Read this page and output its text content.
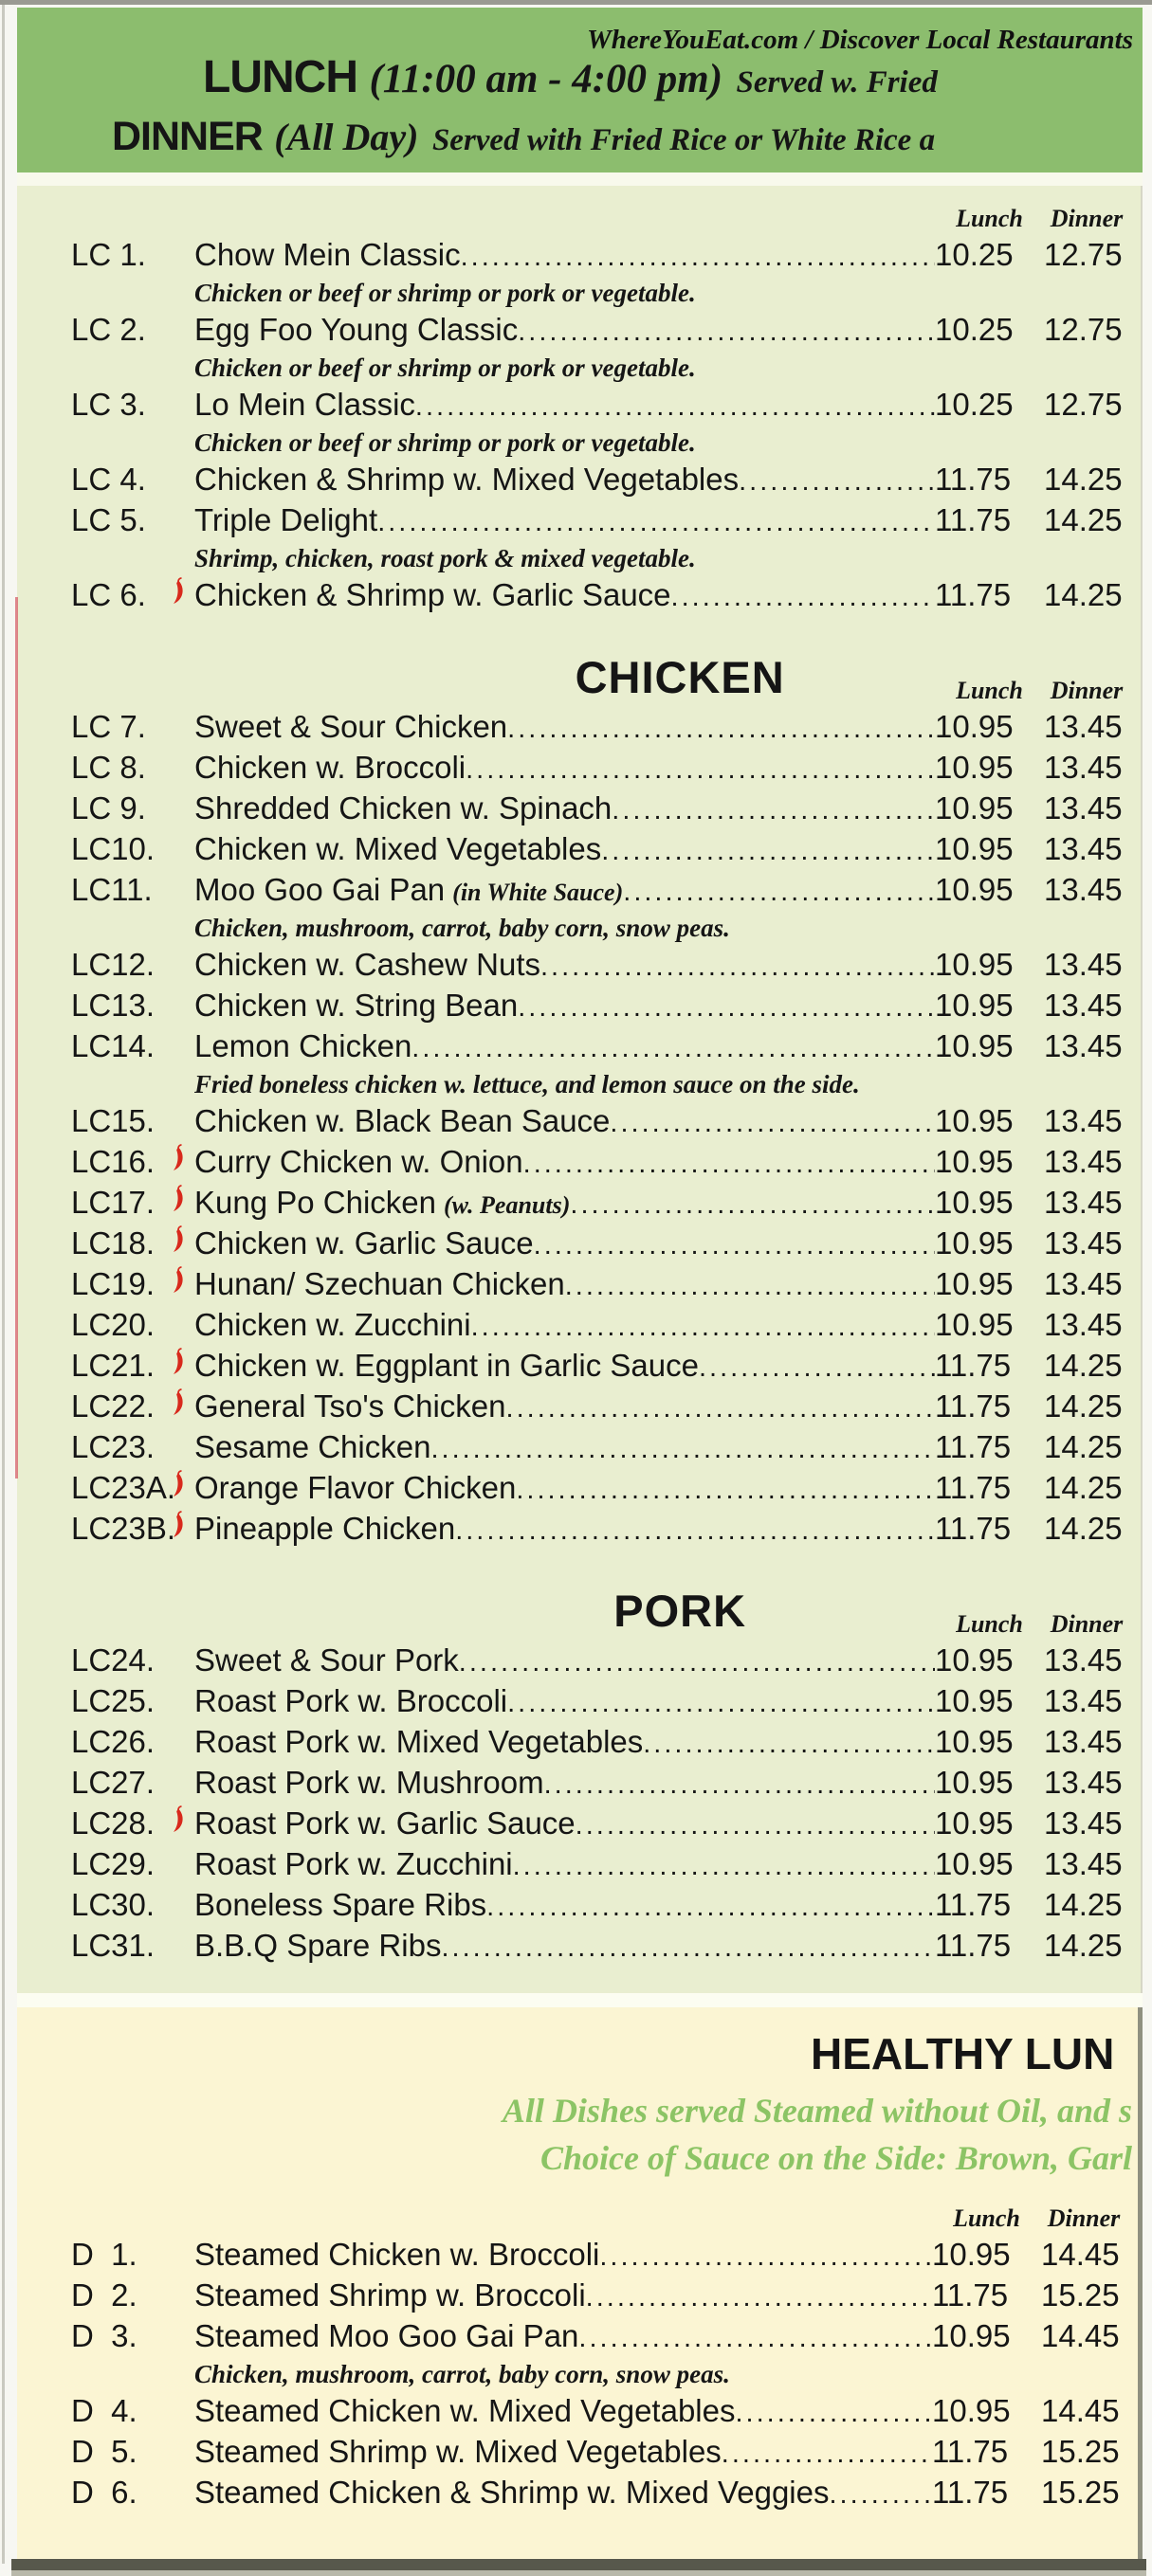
WhereYouEat.com / Discover Local Restaurants
LUNCH (11:00 am - 4:00 pm) Served w. Fried
DINNER (All Day) Served with Fried Rice or White Rice a
Lunch	Dinner
LC 1.	Chow Mein Classic .....	10.25 12.75
Chicken or beef or shrimp or pork or vegetable.
LC 2.	Egg Foo Young Classic .....	10.25 12.75
Chicken or beef or shrimp or pork or vegetable.
LC 3.	Lo Mein Classic .....	10.25 12.75
Chicken or beef or shrimp or pork or vegetable.
LC 4.	Chicken & Shrimp w. Mixed Vegetables .....	11.75	14.25
LC 5.	Triple Delight .....	11.75	14.25
Shrimp, chicken, roast pork & mixed vegetable.
LC 6.	Chicken & Shrimp w. Garlic Sauce .....	11.75	14.25
CHICKEN	Lunch	Dinner
LC 7.	Sweet & Sour Chicken .....	10.95 13.45
LC 8.	Chicken w. Broccoli .....	10.95 13.45
LC 9.	Shredded Chicken w. Spinach .....	10.95 13.45
LC10. Chicken w. Mixed Vegetables .....	10.95 13.45
LC11. Moo Goo Gai Pan (in White Sauce) .....	10.95 13.45
Chicken, mushroom, carrot, baby corn, snow peas.
LC12. Chicken w. Cashew Nuts .....	10.95 13.45
LC13. Chicken w. String Bean .....	10.95 13.45
LC14. Lemon Chicken .....	10.95 13.45
Fried boneless chicken w. lettuce, and lemon sauce on the side.
LC15. Chicken w. Black Bean Sauce .....	10.95 13.45
LC16. Curry Chicken w. Onion .....	10.95 13.45
LC17. Kung Po Chicken (w. Peanuts) .....	10.95 13.45
LC18. Chicken w. Garlic Sauce .....	10.95 13.45
LC19. Hunan/ Szechuan Chicken .....	10.95 13.45
LC20. Chicken w. Zucchini .....	10.95 13.45
LC21. Chicken w. Eggplant in Garlic Sauce .....	11.75	14.25
LC22. General Tso's Chicken .....	11.75	14.25
LC23. Sesame Chicken .....	11.75	14.25
LC23A. Orange Flavor Chicken .....	11.75	14.25
LC23B. Pineapple Chicken .....	11.75	14.25
PORK	Lunch	Dinner
LC24. Sweet & Sour Pork .....	10.95 13.45
LC25. Roast Pork w. Broccoli .....	10.95 13.45
LC26. Roast Pork w. Mixed Vegetables .....	10.95 13.45
LC27. Roast Pork w. Mushroom .....	10.95 13.45
LC28. Roast Pork w. Garlic Sauce .....	10.95 13.45
LC29. Roast Pork w. Zucchini .....	10.95 13.45
LC30. Boneless Spare Ribs .....	11.75	14.25
LC31. B.B.Q Spare Ribs .....	11.75	14.25
HEALTHY LUN
All Dishes served Steamed without Oil, and s
Choice of Sauce on the Side: Brown, Garl
Lunch	Dinner
D  1.	Steamed Chicken w. Broccoli .....	10.95 14.45
D  2.	Steamed Shrimp w. Broccoli .....	11.75	15.25
D  3.	Steamed Moo Goo Gai Pan .....	10.95 14.45
Chicken, mushroom, carrot, baby corn, snow peas.
D  4.	Steamed Chicken w. Mixed Vegetables .....	10.95 14.45
D  5.	Steamed Shrimp w. Mixed Vegetables .....	11.75	15.25
D  6.	Steamed Chicken & Shrimp w. Mixed Veggies .....	11.75	15.25
